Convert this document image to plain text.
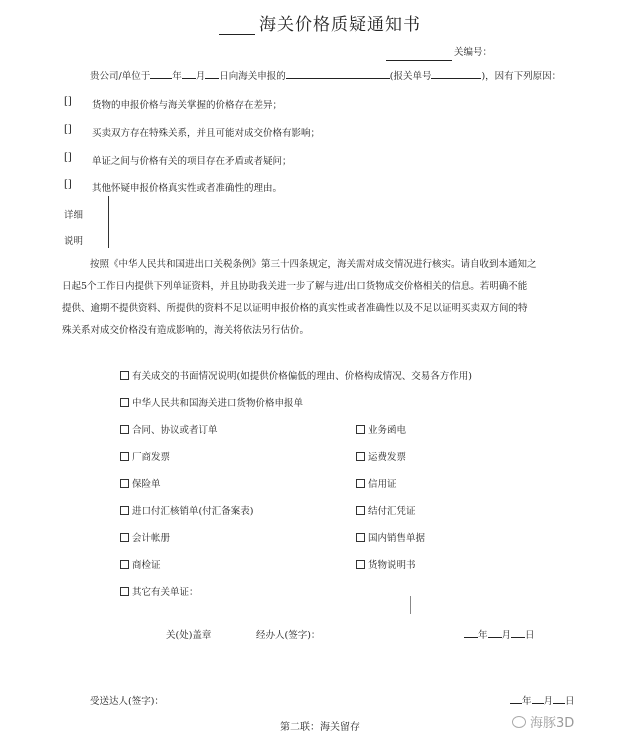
海关价格质疑通知书
关编号：
贵公司/单位于 年 月 日向海关申报的	(报关单号	)，因有下列原因：
[] 货物的申报价格与海关掌握的价格存在差异；
[] 买卖双方存在特殊关系，并且可能对成交价格有影响；
[] 单证之间与价格有关的项目存在矛盾或者疑问；
[] 其他怀疑申报价格真实性或者准确性的理由。
详细
说明
按照《中华人民共和国进出口关税条例》第三十四条规定，海关需对成交情况进行核实。请自收到本通知之
日起5个工作日内提供下列单证资料，并且协助我关进一步了解与进/出口货物成交价格相关的信息。若明确不能
提供、逾期不提供资料、所提供的资料不足以证明申报价格的真实性或者准确性以及不足以证明买卖双方间的特
殊关系对成交价格没有造成影响的，海关将依法另行估价。
有关成交的书面情况说明(如提供价格偏低的理由、价格构成情况、交易各方作用)
中华人民共和国海关进口货物价格申报单
合同、协议或者订单	业务函电
厂商发票	运费发票
保险单	信用证
进口付汇核销单(付汇备案表)	结付汇凭证
会计帐册	国内销售单据
商检证	货物说明书
其它有关单证：
关(处)盖章	经办人(签字)：	年 月 日
受送达人(签字)：	年 月 日
第二联：海关留存	海豚3D
